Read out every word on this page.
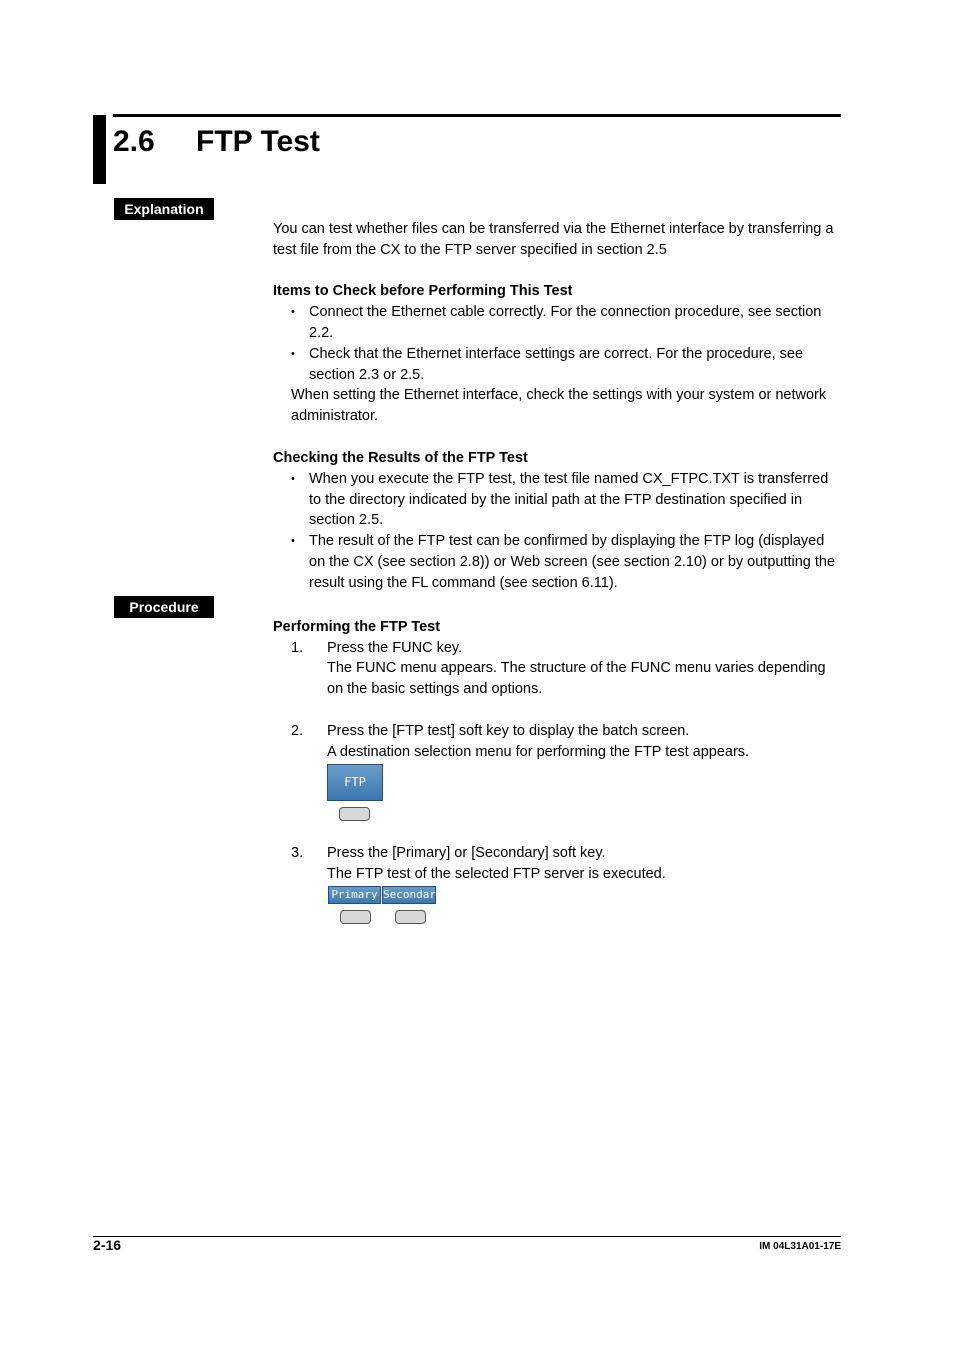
2.6 FTP Test
Explanation
You can test whether files can be transferred via the Ethernet interface by transferring a
test file from the CX to the FTP server specified in section 2.5
Items to Check before Performing This Test
• Connect the Ethernet cable correctly. For the connection procedure, see section
2.2.
• Check that the Ethernet interface settings are correct. For the procedure, see
section 2.3 or 2.5.
When setting the Ethernet interface, check the settings with your system or network
administrator.
Checking the Results of the FTP Test
• When you execute the FTP test, the test file named CX_FTPC.TXT is transferred
to the directory indicated by the initial path at the FTP destination specified in
section 2.5.
• The result of the FTP test can be confirmed by displaying the FTP log (displayed
on the CX (see section 2.8)) or Web screen (see section 2.10) or by outputting the
result using the FL command (see section 6.11).
Procedure
Performing the FTP Test
1. Press the FUNC key.
The FUNC menu appears. The structure of the FUNC menu varies depending
on the basic settings and options.
2. Press the [FTP test] soft key to display the batch screen.
A destination selection menu for performing the FTP test appears.
FTP
3. Press the [Primary] or [Secondary] soft key.
The FTP test of the selected FTP server is executed.
Primary Secondary
2-16	IM 04L31A01-17E
